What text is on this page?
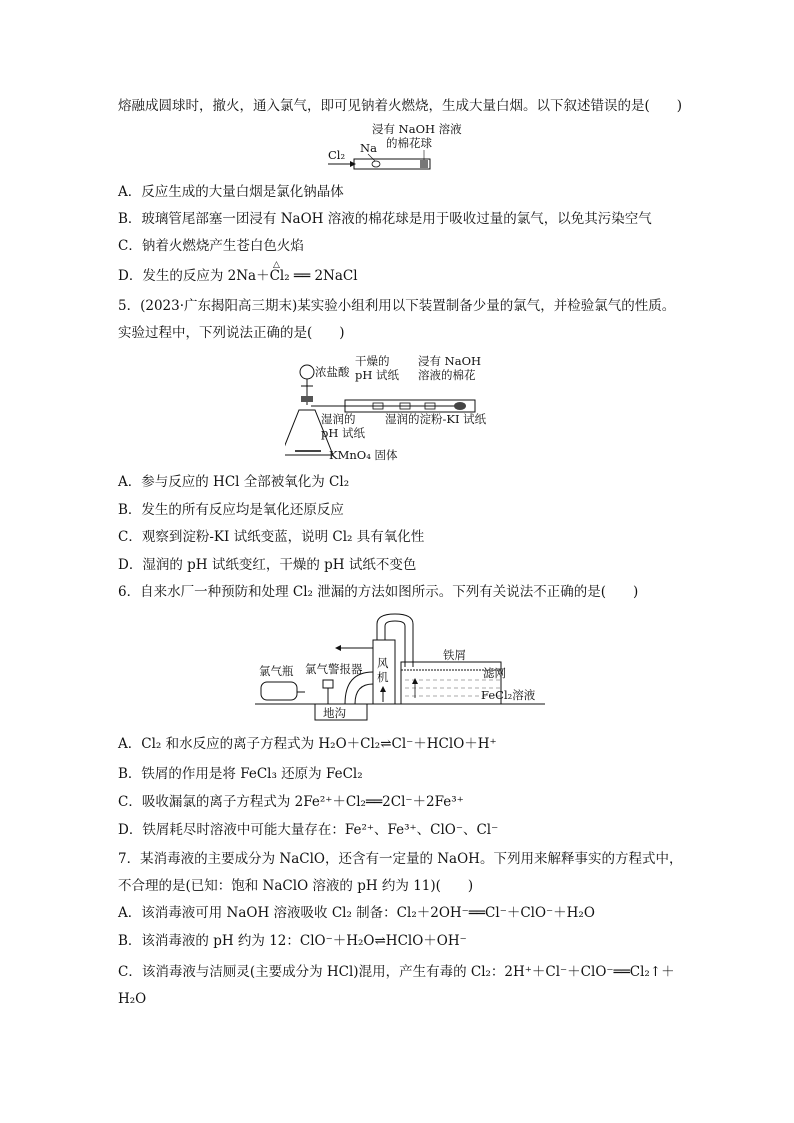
熔融成圆球时，撤火，通入氯气，即可见钠着火燃烧，生成大量白烟。以下叙述错误的是(　　)
浸有 NaOH 溶液
的棉花球
Na
Cl₂
A．反应生成的大量白烟是氯化钠晶体
B．玻璃管尾部塞一团浸有 NaOH 溶液的棉花球是用于吸收过量的氯气，以免其污染空气
C．钠着火燃烧产生苍白色火焰
D．发生的反应为 2Na＋Cl₂ ══ 2NaCl
△
5．(2023·广东揭阳高三期末)某实验小组利用以下装置制备少量的氯气，并检验氯气的性质。
实验过程中，下列说法正确的是(　　)
浓盐酸
干燥的
pH 试纸
浸有 NaOH
溶液的棉花
湿润的
pH 试纸
湿润的淀粉-KI 试纸
KMnO₄ 固体
A．参与反应的 HCl 全部被氧化为 Cl₂
B．发生的所有反应均是氧化还原反应
C．观察到淀粉-KI 试纸变蓝，说明 Cl₂ 具有氧化性
D．湿润的 pH 试纸变红，干燥的 pH 试纸不变色
6．自来水厂一种预防和处理 Cl₂ 泄漏的方法如图所示。下列有关说法不正确的是(　　)
氯气瓶 氯气警报器 风
机
铁屑
滤网
FeCl₂溶液
地沟
A．Cl₂ 和水反应的离子方程式为 H₂O＋Cl₂⇌Cl⁻＋HClO＋H⁺
B．铁屑的作用是将 FeCl₃ 还原为 FeCl₂
C．吸收漏氯的离子方程式为 2Fe²⁺＋Cl₂══2Cl⁻＋2Fe³⁺
D．铁屑耗尽时溶液中可能大量存在：Fe²⁺、Fe³⁺、ClO⁻、Cl⁻
7．某消毒液的主要成分为 NaClO，还含有一定量的 NaOH。下列用来解释事实的方程式中，
不合理的是(已知：饱和 NaClO 溶液的 pH 约为 11)(　　)
A．该消毒液可用 NaOH 溶液吸收 Cl₂ 制备：Cl₂＋2OH⁻══Cl⁻＋ClO⁻＋H₂O
B．该消毒液的 pH 约为 12：ClO⁻＋H₂O⇌HClO＋OH⁻
C．该消毒液与洁厕灵(主要成分为 HCl)混用，产生有毒的 Cl₂：2H⁺＋Cl⁻＋ClO⁻══Cl₂↑＋
H₂O
